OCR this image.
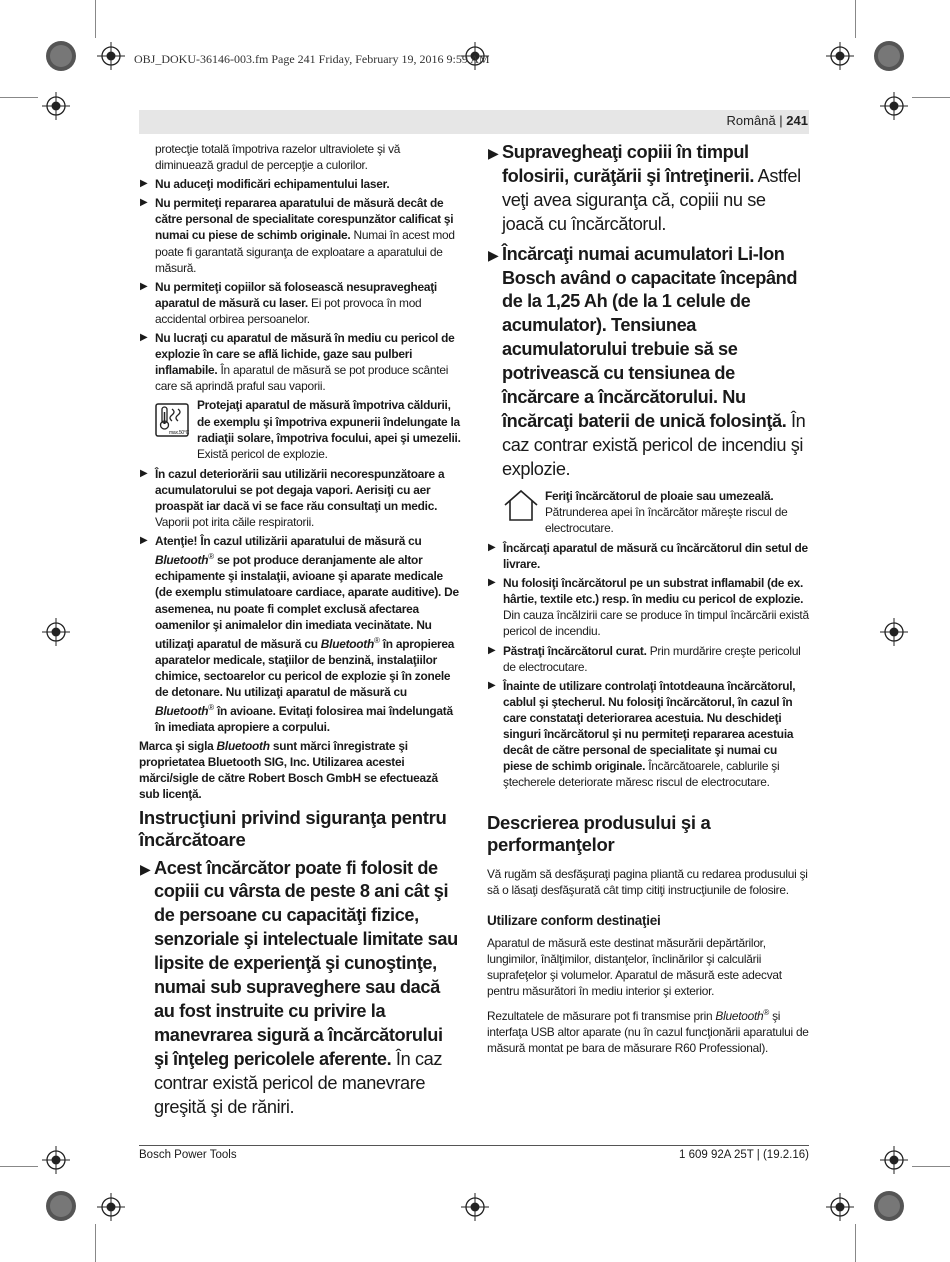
OBJ_DOKU-36146-003.fm Page 241 Friday, February 19, 2016 9:59 AM
Română | 241
protecţie totală împotriva razelor ultraviolete şi vă diminuează gradul de percepţie a culorilor.
▶ Nu aduceţi modificări echipamentului laser.
▶ Nu permiteţi repararea aparatului de măsură decât de către personal de specialitate corespunzător calificat şi numai cu piese de schimb originale. Numai în acest mod poate fi garantată siguranţa de exploatare a aparatului de măsură.
▶ Nu permiteţi copiilor să folosească nesupravegheaţi aparatul de măsură cu laser. Ei pot provoca în mod accidental orbirea persoanelor.
▶ Nu lucraţi cu aparatul de măsură în mediu cu pericol de explozie în care se află lichide, gaze sau pulberi inflamabile. În aparatul de măsură se pot produce scântei care să aprindă praful sau vaporii.
max.50°C
Protejaţi aparatul de măsură împotriva căldurii, de exemplu şi împotriva expunerii îndelungate la radiaţii solare, împotriva focului, apei şi umezelii. Există pericol de explozie.
▶ În cazul deteriorării sau utilizării necorespunzătoare a acumulatorului se pot degaja vapori. Aerisiţi cu aer proaspăt iar dacă vi se face rău consultaţi un medic. Vaporii pot irita căile respiratorii.
▶ Atenţie! În cazul utilizării aparatului de măsură cu Bluetooth® se pot produce deranjamente ale altor echipamente şi instalaţii, avioane şi aparate medicale (de exemplu stimulatoare cardiace, aparate auditive). De asemenea, nu poate fi complet exclusă afectarea oamenilor şi animalelor din imediata vecinătate. Nu utilizaţi aparatul de măsură cu Bluetooth® în apropierea aparatelor medicale, staţiilor de benzină, instalaţiilor chimice, sectoarelor cu pericol de explozie şi în zonele de detonare. Nu utilizaţi aparatul de măsură cu Bluetooth® în avioane. Evitaţi folosirea mai îndelungată în imediata apropiere a corpului.
Marca şi sigla Bluetooth sunt mărci înregistrate şi proprietatea Bluetooth SIG, Inc. Utilizarea acestei mărci/sigle de către Robert Bosch GmbH se efectuează sub licenţă.
Instrucţiuni privind siguranţa pentru încărcătoare
▶ Acest încărcător poate fi folosit de copiii cu vârsta de peste 8 ani cât şi de persoane cu capacităţi fizice, senzoriale şi intelectuale limitate sau lipsite de experienţă şi cunoştinţe, numai sub supraveghere sau dacă au fost instruite cu privire la manevrarea sigură a încărcătorului şi înţeleg pericolele aferente. În caz contrar există pericol de manevrare greşită şi de răniri.
▶ Supravegheaţi copiii în timpul folosirii, curăţării şi întreţinerii. Astfel veţi avea siguranţa că, copiii nu se joacă cu încărcătorul.
▶ Încărcaţi numai acumulatori Li-Ion Bosch având o capacitate începând de la 1,25 Ah (de la 1 celule de acumulator). Tensiunea acumulatorului trebuie să se potrivească cu tensiunea de încărcare a încărcătorului. Nu încărcaţi baterii de unică folosinţă. În caz contrar există pericol de incendiu şi explozie.
Feriţi încărcătorul de ploaie sau umezeală. Pătrunderea apei în încărcător măreşte riscul de electrocutare.
▶ Încărcaţi aparatul de măsură cu încărcătorul din setul de livrare.
▶ Nu folosiţi încărcătorul pe un substrat inflamabil (de ex. hârtie, textile etc.) resp. în mediu cu pericol de explozie. Din cauza încălzirii care se produce în timpul încărcării există pericol de incendiu.
▶ Păstraţi încărcătorul curat. Prin murdărire creşte pericolul de electrocutare.
▶ Înainte de utilizare controlaţi întotdeauna încărcătorul, cablul şi ştecherul. Nu folosiţi încărcătorul, în cazul în care constataţi deteriorarea acestuia. Nu deschideţi singuri încărcătorul şi nu permiteţi repararea acestuia decât de către personal de specialitate şi numai cu piese de schimb originale. Încărcătoarele, cablurile şi ştecherele deteriorate măresc riscul de electrocutare.
Descrierea produsului şi a performanţelor

Vă rugăm să desfăşuraţi pagina pliantă cu redarea produsului şi să o lăsaţi desfăşurată cât timp citiţi instrucţiunile de folosire.

Utilizare conform destinaţiei

Aparatul de măsură este destinat măsurării depărtărilor, lungimilor, înălţimilor, distanţelor, înclinărilor şi calculării suprafeţelor şi volumelor. Aparatul de măsură este adecvat pentru măsurători în mediu interior şi exterior.

Rezultatele de măsurare pot fi transmise prin Bluetooth® şi interfaţa USB altor aparate (nu în cazul funcţionării aparatului de măsură montat pe bara de măsurare R60 Professional).

Bosch Power Tools	1 609 92A 25T | (19.2.16)
